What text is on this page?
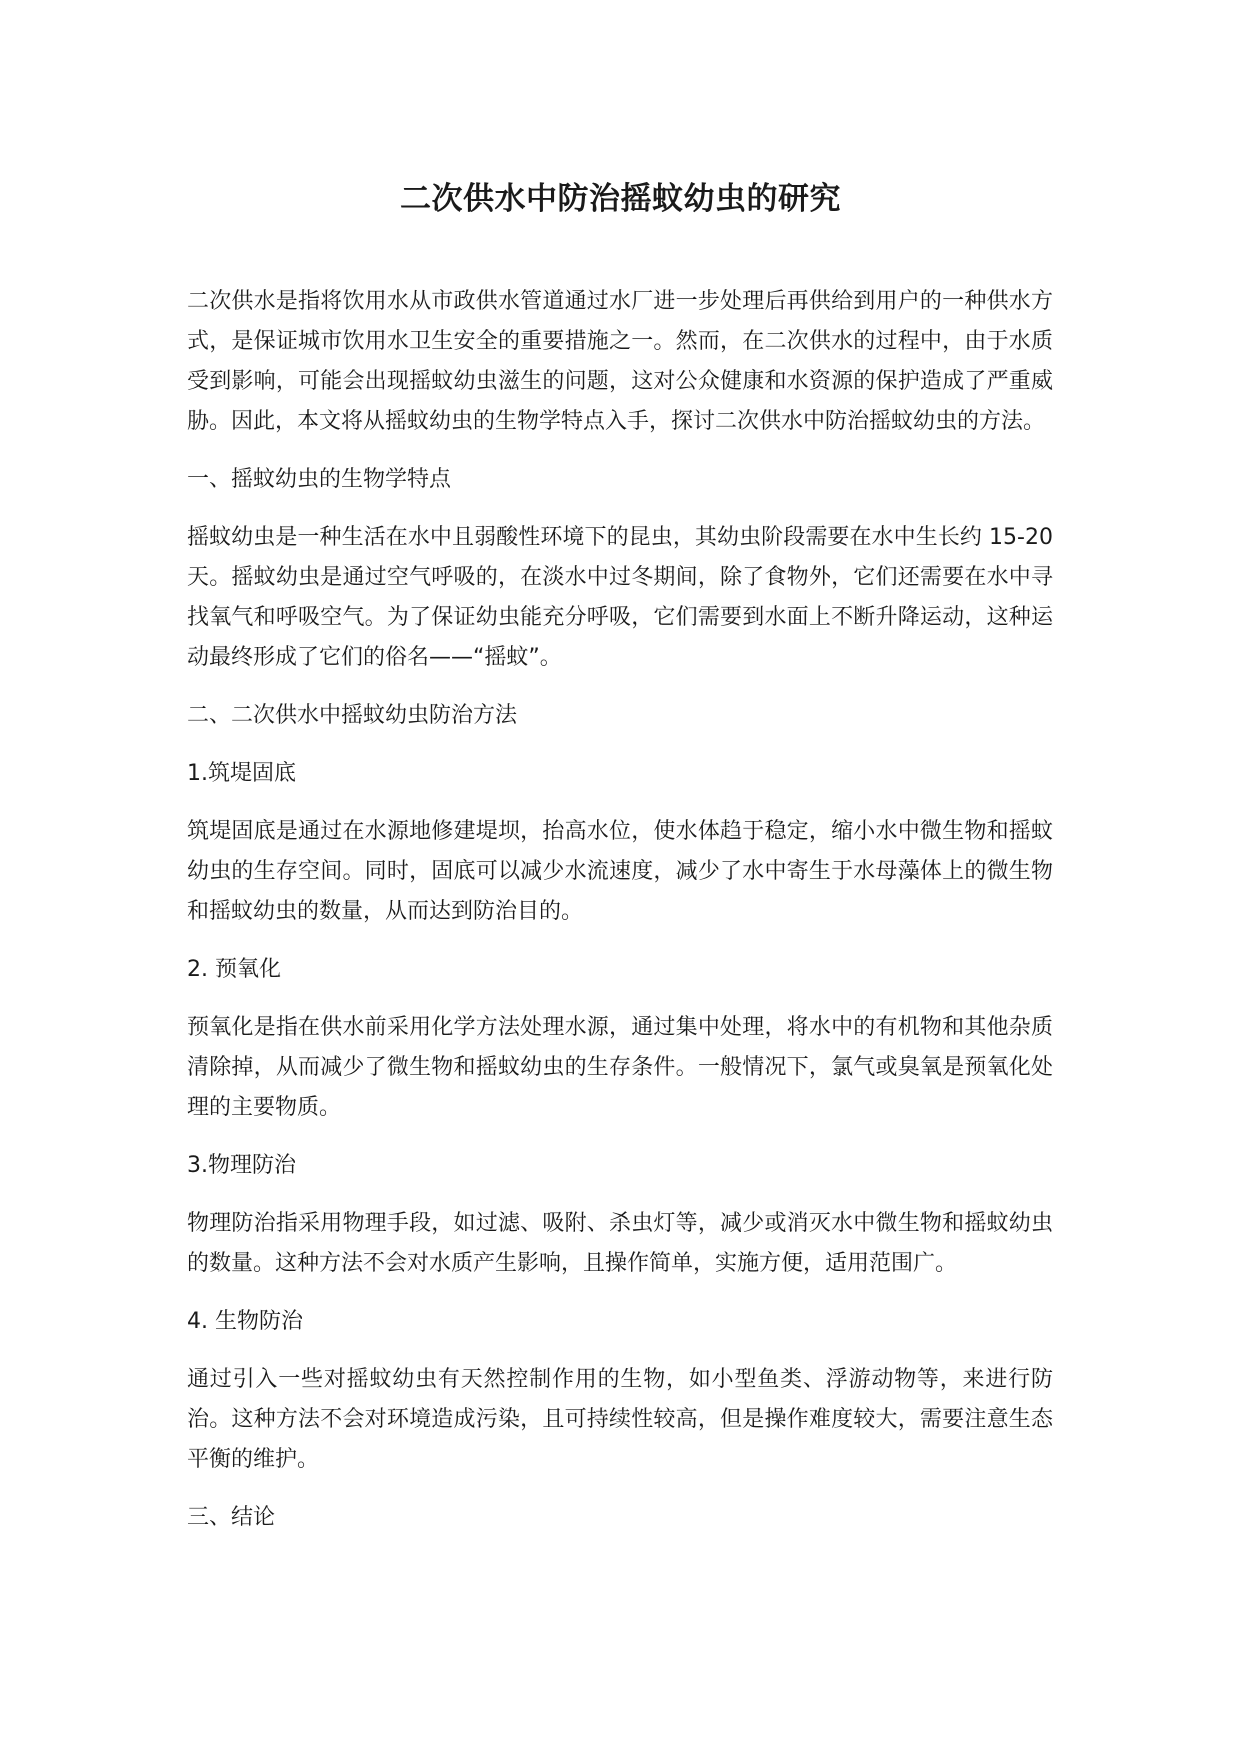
二次供水中防治摇蚊幼虫的研究

二次供水是指将饮用水从市政供水管道通过水厂进一步处理后再供给到用户的一种供水方式，是保证城市饮用水卫生安全的重要措施之一。然而，在二次供水的过程中，由于水质受到影响，可能会出现摇蚊幼虫滋生的问题，这对公众健康和水资源的保护造成了严重威胁。因此，本文将从摇蚊幼虫的生物学特点入手，探讨二次供水中防治摇蚊幼虫的方法。

一、摇蚊幼虫的生物学特点

摇蚊幼虫是一种生活在水中且弱酸性环境下的昆虫，其幼虫阶段需要在水中生长约 15-20 天。摇蚊幼虫是通过空气呼吸的，在淡水中过冬期间，除了食物外，它们还需要在水中寻找氧气和呼吸空气。为了保证幼虫能充分呼吸，它们需要到水面上不断升降运动，这种运动最终形成了它们的俗名——“摇蚊”。

二、二次供水中摇蚊幼虫防治方法

1.筑堤固底

筑堤固底是通过在水源地修建堤坝，抬高水位，使水体趋于稳定，缩小水中微生物和摇蚊幼虫的生存空间。同时，固底可以减少水流速度，减少了水中寄生于水母藻体上的微生物和摇蚊幼虫的数量，从而达到防治目的。

2. 预氧化

预氧化是指在供水前采用化学方法处理水源，通过集中处理，将水中的有机物和其他杂质清除掉，从而减少了微生物和摇蚊幼虫的生存条件。一般情况下，氯气或臭氧是预氧化处理的主要物质。

3.物理防治

物理防治指采用物理手段，如过滤、吸附、杀虫灯等，减少或消灭水中微生物和摇蚊幼虫的数量。这种方法不会对水质产生影响，且操作简单，实施方便，适用范围广。

4. 生物防治

通过引入一些对摇蚊幼虫有天然控制作用的生物，如小型鱼类、浮游动物等，来进行防治。这种方法不会对环境造成污染，且可持续性较高，但是操作难度较大，需要注意生态平衡的维护。

三、结论
